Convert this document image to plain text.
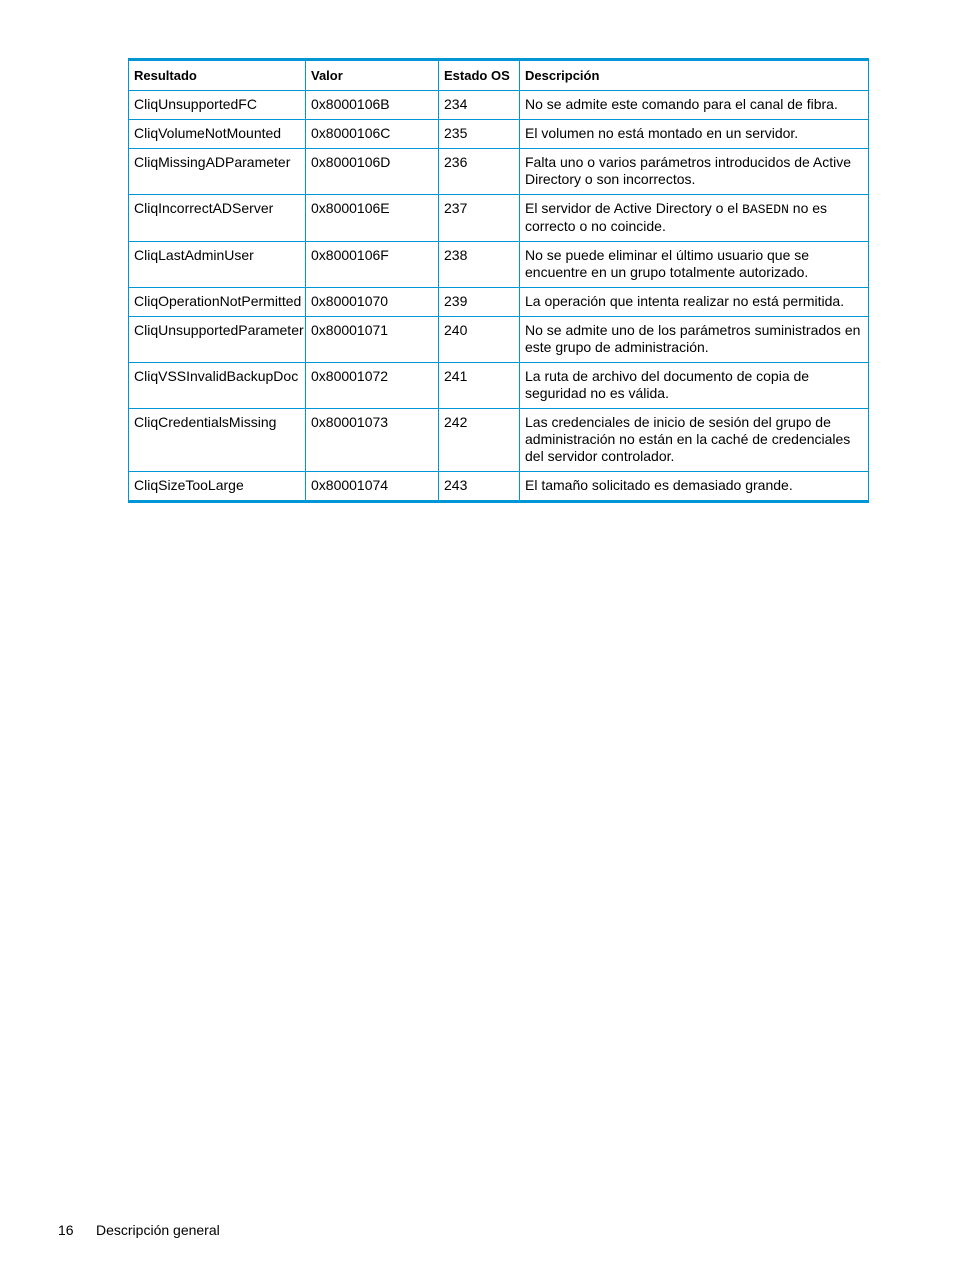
Resultado	Valor	Estado OS	Descripción
CliqUnsupportedFC	0x8000106B	234	No se admite este comando para el canal de fibra.
CliqVolumeNotMounted	0x8000106C	235	El volumen no está montado en un servidor.
CliqMissingADParameter	0x8000106D	236	Falta uno o varios parámetros introducidos de Active Directory o son incorrectos.
CliqIncorrectADServer	0x8000106E	237	El servidor de Active Directory o el BASEDN no es correcto o no coincide.
CliqLastAdminUser	0x8000106F	238	No se puede eliminar el último usuario que se encuentre en un grupo totalmente autorizado.
CliqOperationNotPermitted	0x80001070	239	La operación que intenta realizar no está permitida.
CliqUnsupportedParameter	0x80001071	240	No se admite uno de los parámetros suministrados en este grupo de administración.
CliqVSSInvalidBackupDoc	0x80001072	241	La ruta de archivo del documento de copia de seguridad no es válida.
CliqCredentialsMissing	0x80001073	242	Las credenciales de inicio de sesión del grupo de administración no están en la caché de credenciales del servidor controlador.
CliqSizeTooLarge	0x80001074	243	El tamaño solicitado es demasiado grande.
16 Descripción general
